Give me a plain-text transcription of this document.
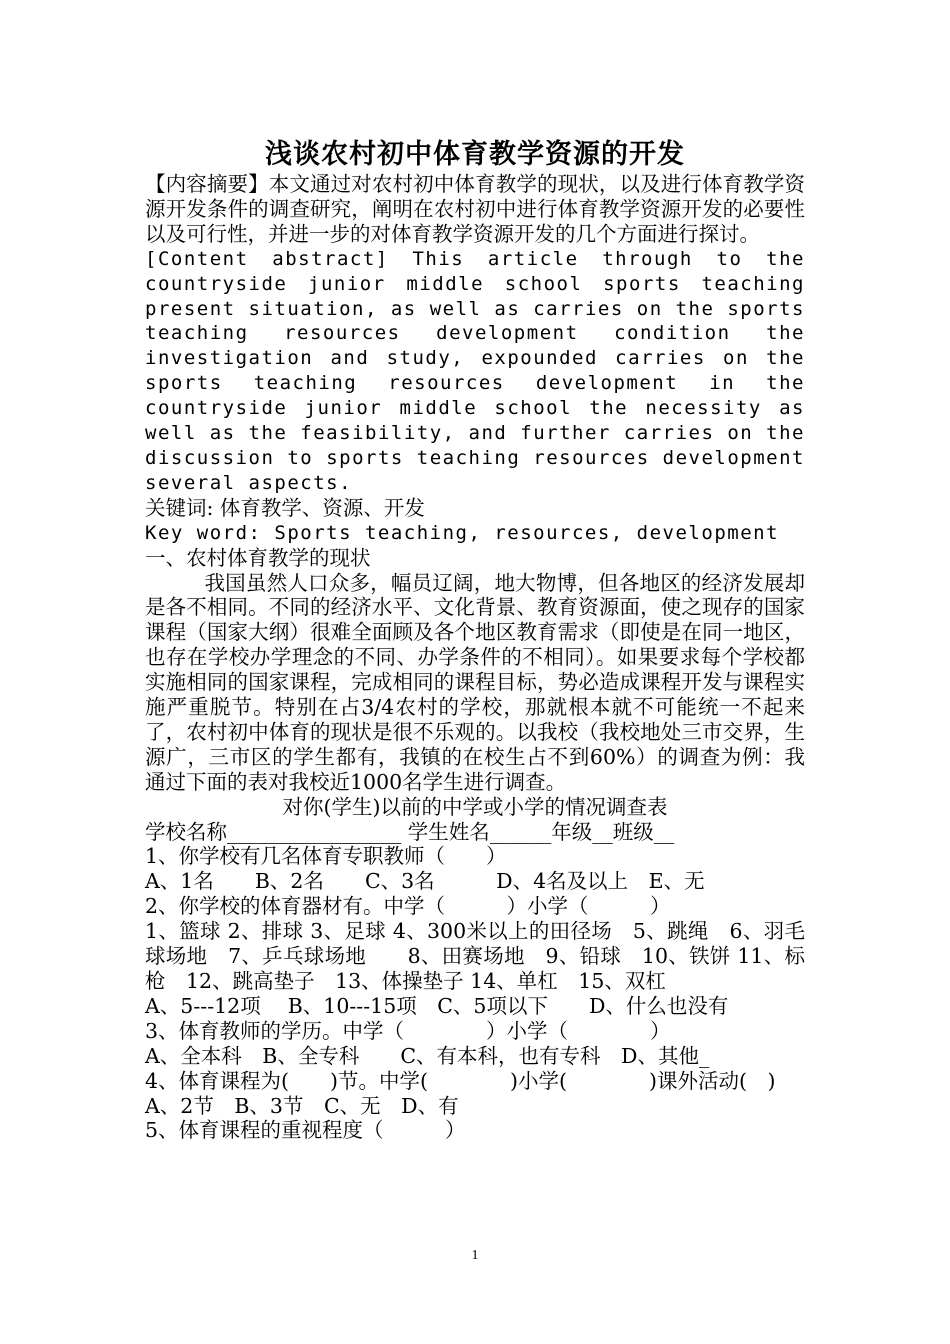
浅谈农村初中体育教学资源的开发

【内容摘要】本文通过对农村初中体育教学的现状，以及进行体育教学资源开发条件的调查研究，阐明在农村初中进行体育教学资源开发的必要性以及可行性，并进一步的对体育教学资源开发的几个方面进行探讨。

[Content abstract] This article through to the countryside junior middle school sports teaching present situation, as well as carries on the sports teaching resources development condition the investigation and study, expounded carries on the sports teaching resources development in the countryside junior middle school the necessity as well as the feasibility, and further carries on the discussion to sports teaching resources development several aspects.

关键词: 体育教学、资源、开发

Key word: Sports teaching, resources, development

一、农村体育教学的现状

我国虽然人口众多，幅员辽阔，地大物博，但各地区的经济发展却是各不相同。不同的经济水平、文化背景、教育资源面，使之现存的国家课程（国家大纲）很难全面顾及各个地区教育需求（即使是在同一地区，也存在学校办学理念的不同、办学条件的不相同）。如果要求每个学校都实施相同的国家课程，完成相同的课程目标，势必造成课程开发与课程实施严重脱节。特别在占3/4农村的学校，那就根本就不可能统一不起来了，农村初中体育的现状是很不乐观的。以我校（我校地处三市交界，生源广，三市区的学生都有，我镇的在校生占不到60%）的调查为例：我通过下面的表对我校近1000名学生进行调查。

对你(学生)以前的中学或小学的情况调查表

学校名称_________________ 学生姓名______年级__班级__

1、你学校有几名体育专职教师（　　）

A、1名　　B、2名　　C、3名　　　D、4名及以上　E、无

2、你学校的体育器材有。中学（　　　）小学（　　　）

1、篮球 2、排球 3、足球 4、300米以上的田径场　5、跳绳　6、羽毛球场地　7、乒乓球场地　　8、田赛场地　9、铅球　10、铁饼 11、标枪　12、跳高垫子　13、体操垫子 14、单杠　15、双杠

A、5---12项　 B、10---15项　C、5项以下　　D、什么也没有

3、体育教师的学历。中学（　　　　）小学（　　　　）

A、全本科　B、全专科　　C、有本科，也有专科　D、其他_

4、体育课程为(　　)节。中学(　　　　)小学(　　　　)课外活动(　)

A、2节　B、3节　C、无　D、有

5、体育课程的重视程度（　　　）

1
